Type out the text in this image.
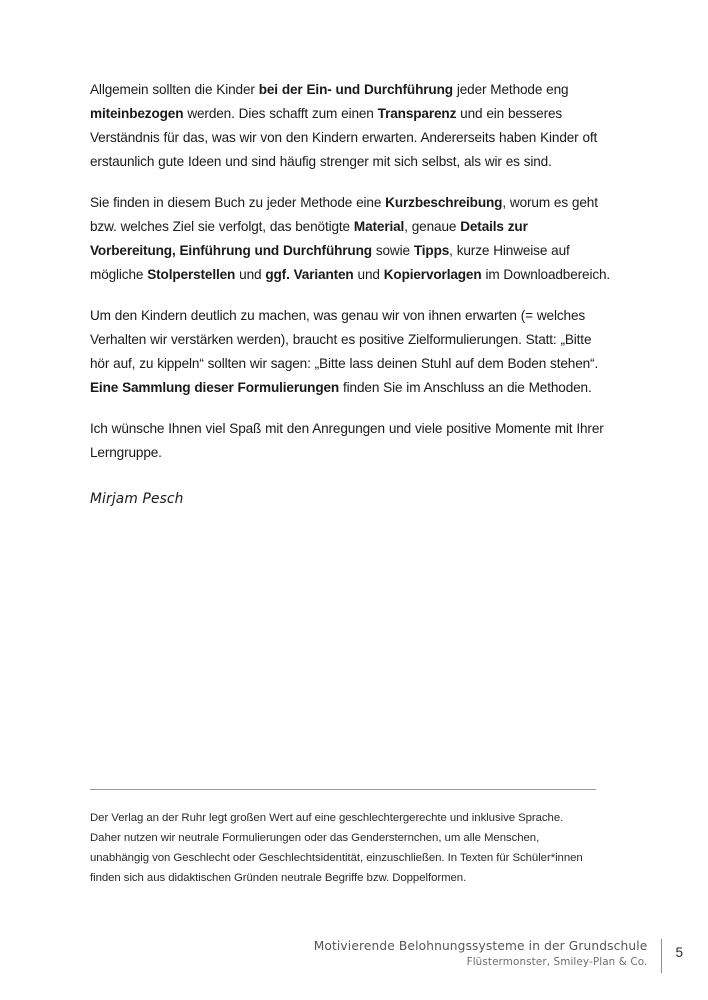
Allgemein sollten die Kinder bei der Ein- und Durchführung jeder Methode eng miteinbezogen werden. Dies schafft zum einen Transparenz und ein besseres Verständnis für das, was wir von den Kindern erwarten. Andererseits haben Kinder oft erstaunlich gute Ideen und sind häufig strenger mit sich selbst, als wir es sind.

Sie finden in diesem Buch zu jeder Methode eine Kurzbeschreibung, worum es geht bzw. welches Ziel sie verfolgt, das benötigte Material, genaue Details zur Vorbereitung, Einführung und Durchführung sowie Tipps, kurze Hinweise auf mögliche Stolperstellen und ggf. Varianten und Kopiervorlagen im Downloadbereich.

Um den Kindern deutlich zu machen, was genau wir von ihnen erwarten (= welches Verhalten wir verstärken werden), braucht es positive Zielformulierungen. Statt: „Bitte hör auf, zu kippeln“ sollten wir sagen: „Bitte lass deinen Stuhl auf dem Boden stehen“. Eine Sammlung dieser Formulierungen finden Sie im Anschluss an die Methoden.

Ich wünsche Ihnen viel Spaß mit den Anregungen und viele positive Momente mit Ihrer Lerngruppe.

Mirjam Pesch

Der Verlag an der Ruhr legt großen Wert auf eine geschlechtergerechte und inklusive Sprache. Daher nutzen wir neutrale Formulierungen oder das Gendersternchen, um alle Menschen, unabhängig von Geschlecht oder Geschlechtsidentität, einzuschließen. In Texten für Schüler*innen finden sich aus didaktischen Gründen neutrale Begriffe bzw. Doppelformen.

Motivierende Belohnungssysteme in der Grundschule
Flüstermonster, Smiley-Plan & Co.
5
